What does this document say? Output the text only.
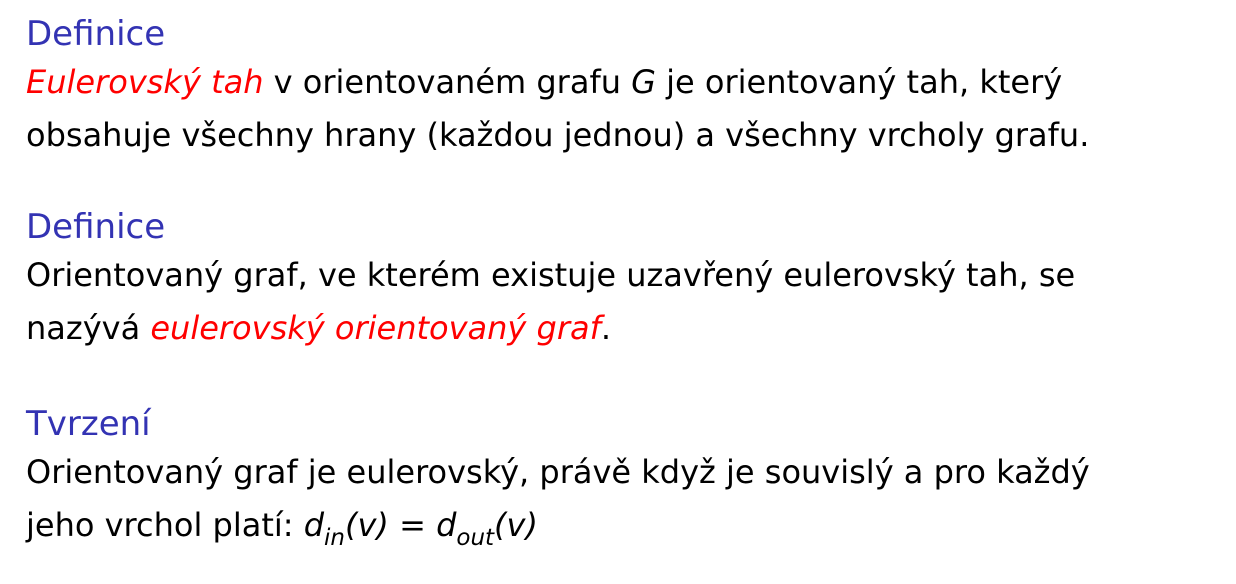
Definice
Eulerovský tah v orientovaném grafu G je orientovaný tah, který
obsahuje všechny hrany (každou jednou) a všechny vrcholy grafu.
Definice
Orientovaný graf, ve kterém existuje uzavřený eulerovský tah, se
nazývá eulerovský orientovaný graf.
Tvrzení
Orientovaný graf je eulerovský, právě když je souvislý a pro každý
jeho vrchol platí: $d_{in}(v) = d_{out}(v)$
